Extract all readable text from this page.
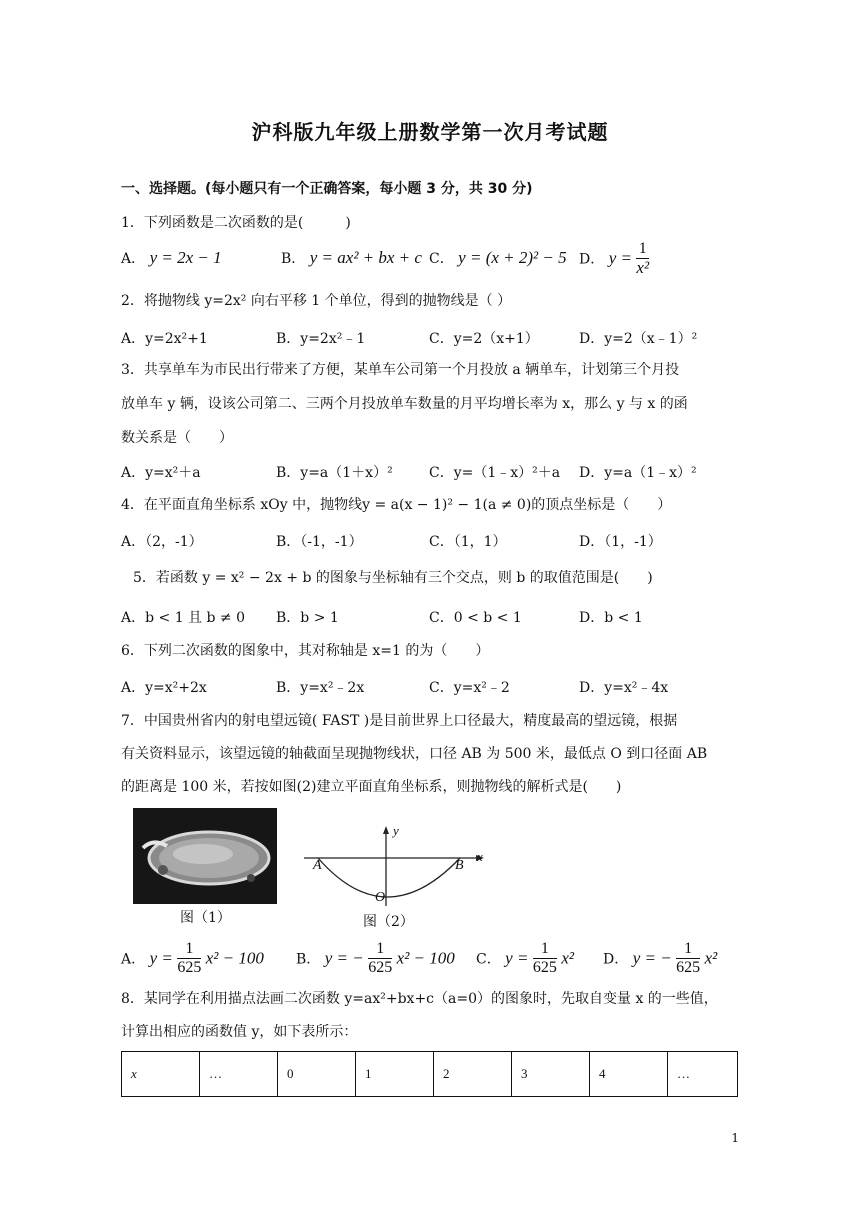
沪科版九年级上册数学第一次月考试题
一、选择题。(每小题只有一个正确答案，每小题 3 分，共 30 分)
1．下列函数是二次函数的是(　　　)
A． y = 2x − 1	B． y = ax² + bx + c C． y = (x + 2)² − 5 D． $y = \frac{1}{\text{x²}}$
2．将抛物线 y=2x² 向右平移 1 个单位，得到的抛物线是（ ）
A．y=2x²+1	B．y=2x²﹣1	C．y=2（x+1）	D．y=2（x﹣1）²
3．共享单车为市民出行带来了方便，某单车公司第一个月投放 a 辆单车，计划第三个月投
放单车 y 辆，设该公司第二、三两个月投放单车数量的月平均增长率为 x，那么 y 与 x 的函
数关系是（　　）
A．y=x²＋a	B．y=a（1＋x）²	C．y=（1﹣x）²＋a D．y=a（1﹣x）²
4．在平面直角坐标系 xOy 中，抛物线y = a(x − 1)² − 1(a ≠ 0)的顶点坐标是（　　）
A．（2，-1）	B．（-1，-1）	C．（1，1）	D．（1，-1）
5．若函数 y = x² − 2x + b 的图象与坐标轴有三个交点，则 b 的取值范围是(　　)
A．b < 1 且 b ≠ 0 B．b > 1	C．0 < b < 1	D．b < 1
6．下列二次函数的图象中，其对称轴是 x=1 的为（　　）
A．y=x²+2x	B．y=x²﹣2x	C．y=x²﹣2	D．y=x²﹣4x
7．中国贵州省内的射电望远镜( FAST )是目前世界上口径最大，精度最高的望远镜，根据
有关资料显示，该望远镜的轴截面呈现抛物线状，口径 AB 为 500 米，最低点 O 到口径面 AB
的距离是 100 米，若按如图(2)建立平面直角坐标系，则抛物线的解析式是(　　)
图（1）
A	B
O
x
y
图（2）
A． $y = \frac{1}{625} x^2 - 100$ B． y = − $\frac{1}{625} x^2 - 100$ C． $y = \frac{1}{625} x^2$ D． y = − $\frac{1}{625} x^2$
8．某同学在利用描点法画二次函数 y=ax²+bx+c（a=0）的图象时，先取自变量 x 的一些值，
计算出相应的函数值 y，如下表所示：
x	…	0	1	2	3	4	…
1
